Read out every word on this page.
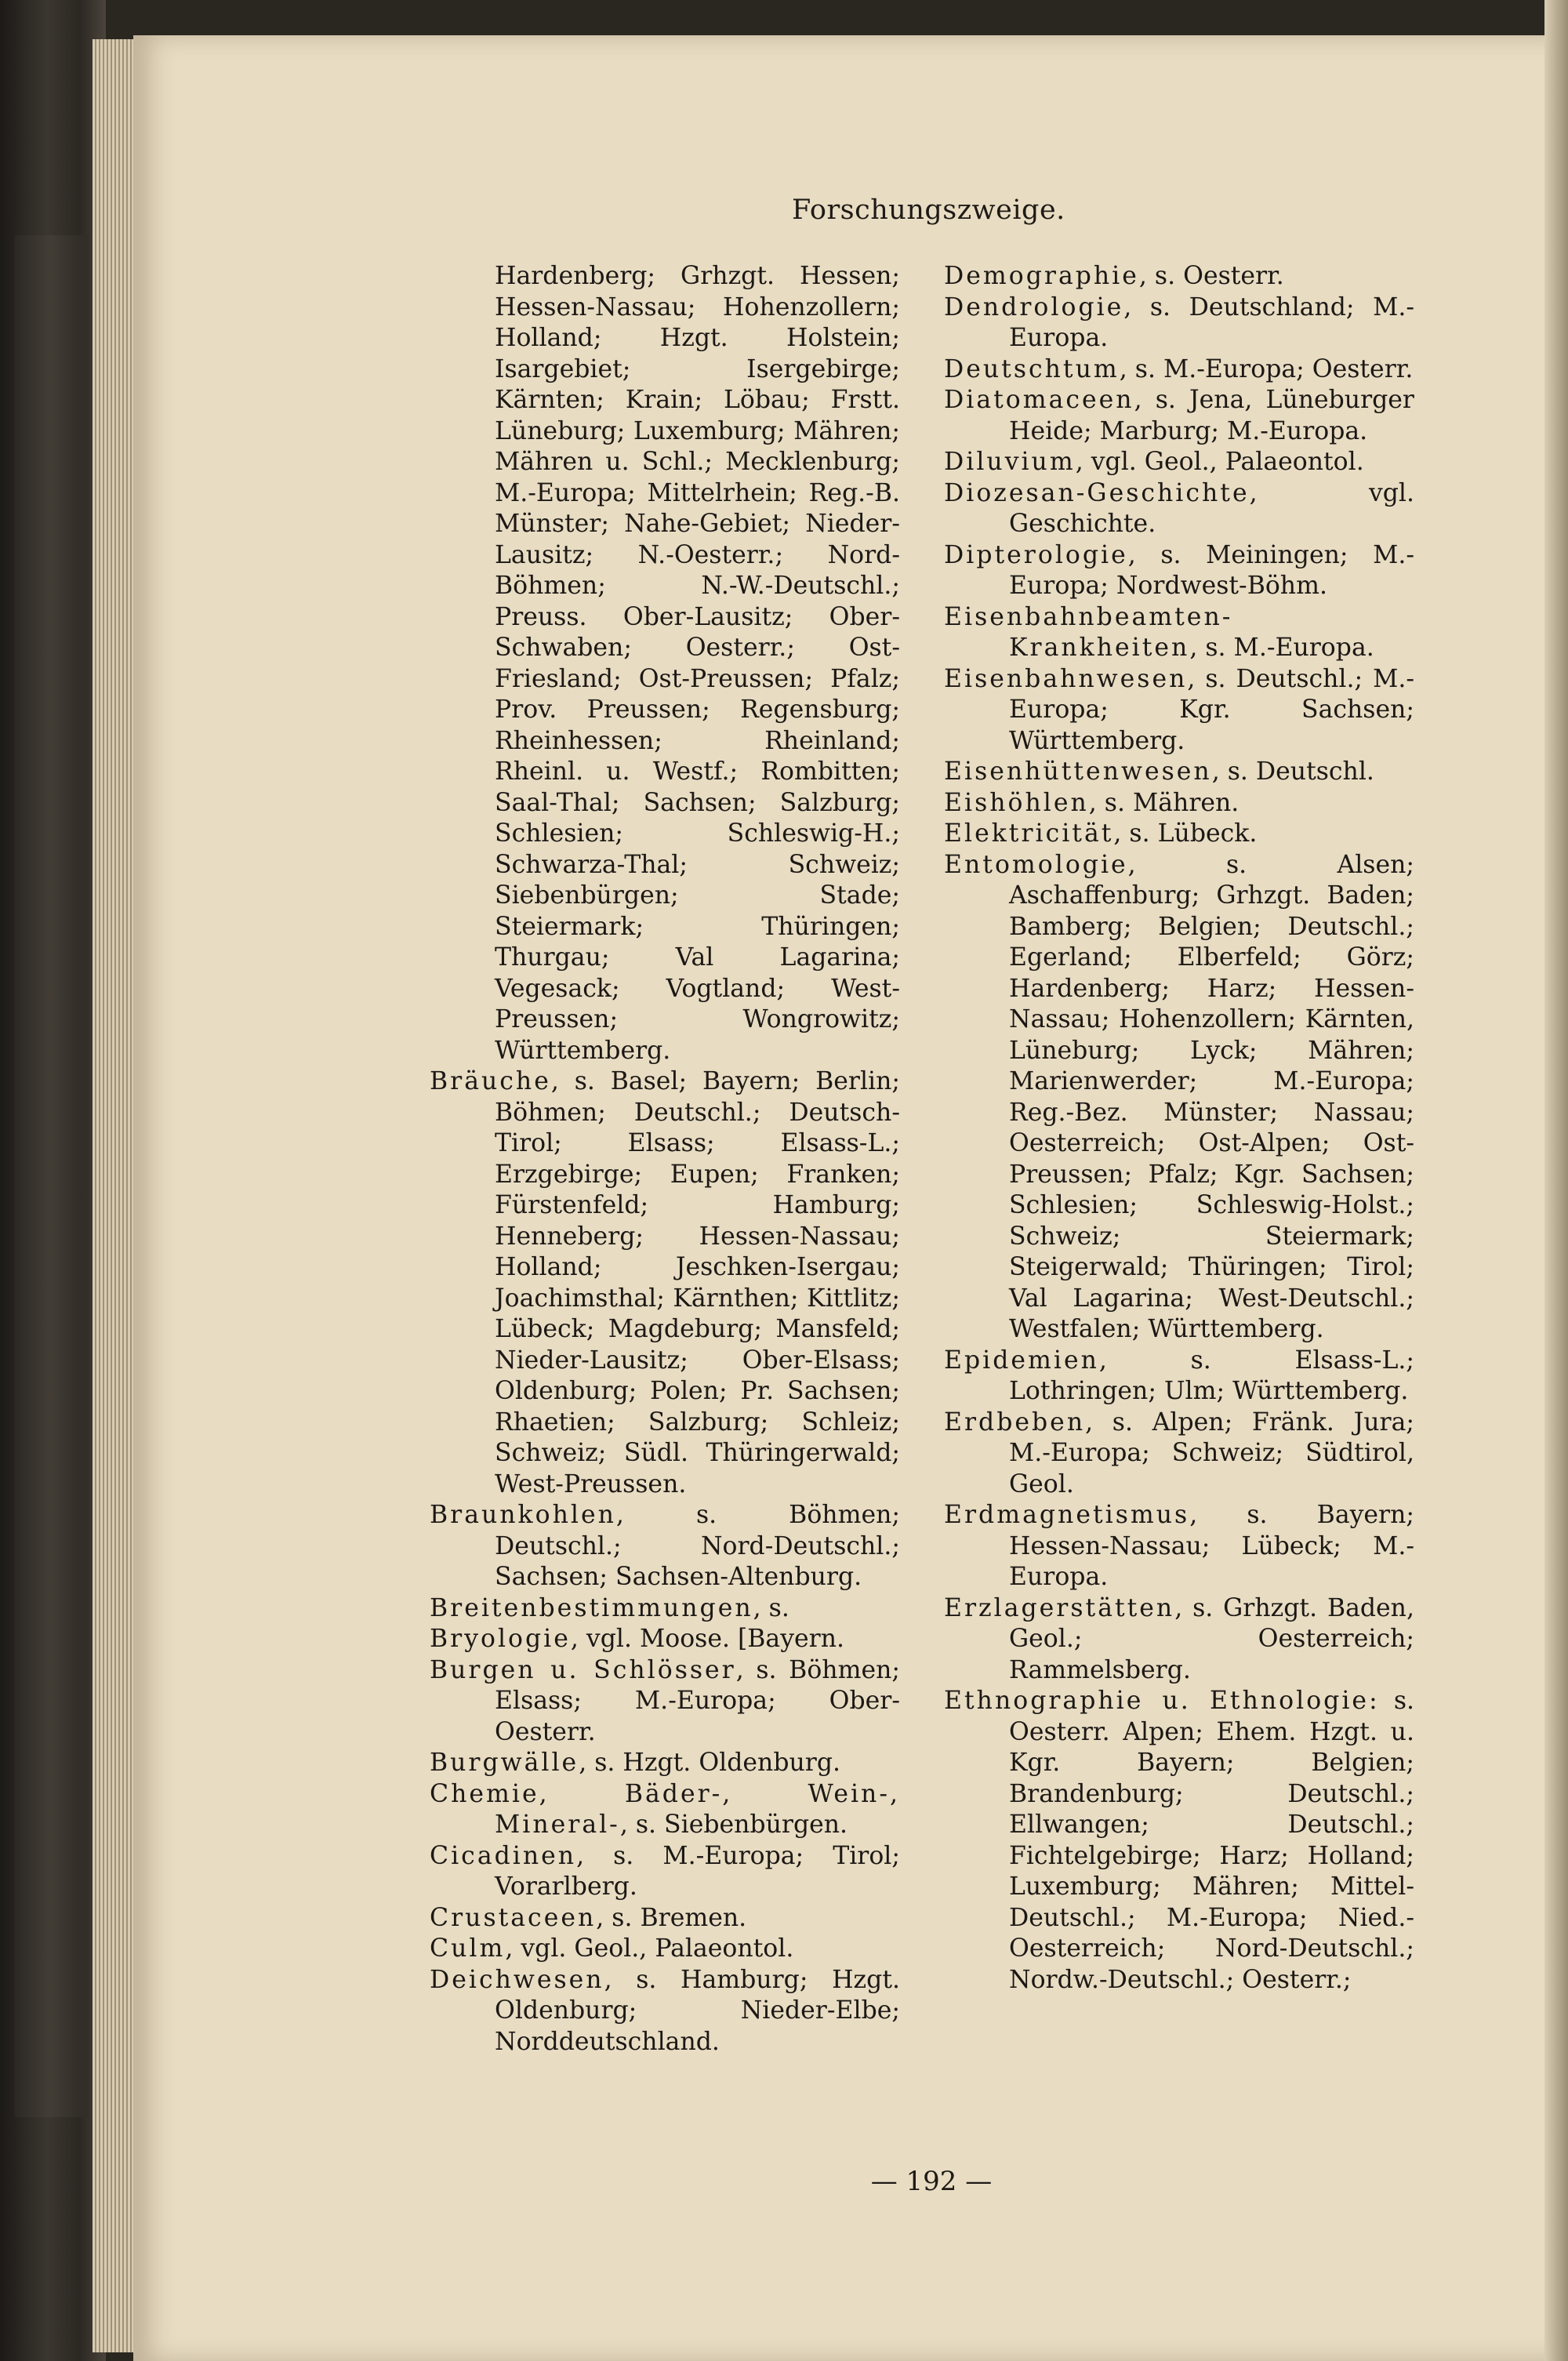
Forschungszweige.

Hardenberg; Grhzgt. Hessen; Hessen-Nassau; Hohenzollern; Holland; Hzgt. Holstein; Isargebiet; Isergebirge; Kärnten; Krain; Löbau; Frstt. Lüneburg; Luxemburg; Mähren; Mähren u. Schl.; Mecklenburg; M.-Europa; Mittelrhein; Reg.-B. Münster; Nahe-Gebiet; Nieder-Lausitz; N.-Oesterr.; Nord-Böhmen; N.-W.-Deutschl.; Preuss. Ober-Lausitz; Ober-Schwaben; Oesterr.; Ost-Friesland; Ost-Preussen; Pfalz; Prov. Preussen; Regensburg; Rheinhessen; Rheinland; Rheinl. u. Westf.; Rombitten; Saal-Thal; Sachsen; Salzburg; Schlesien; Schleswig-H.; Schwarza-Thal; Schweiz; Siebenbürgen; Stade; Steiermark; Thüringen; Thurgau; Val Lagarina; Vegesack; Vogtland; West-Preussen; Wongrowitz; Württemberg.

Bräuche, s. Basel; Bayern; Berlin; Böhmen; Deutschl.; Deutsch-Tirol; Elsass; Elsass-L.; Erzgebirge; Eupen; Franken; Fürstenfeld; Hamburg; Henneberg; Hessen-Nassau; Holland; Jeschken-Isergau; Joachimsthal; Kärnthen; Kittlitz; Lübeck; Magdeburg; Mansfeld; Nieder-Lausitz; Ober-Elsass; Oldenburg; Polen; Pr. Sachsen; Rhaetien; Salzburg; Schleiz; Schweiz; Südl. Thüringerwald; West-Preussen.

Braunkohlen, s. Böhmen; Deutschl.; Nord-Deutschl.; Sachsen; Sachsen-Altenburg.

Breitenbestimmungen, s.

Bryologie, vgl. Moose. [Bayern.

Burgen u. Schlösser, s. Böhmen; Elsass; M.-Europa; Ober-Oesterr.

Burgwälle, s. Hzgt. Oldenburg.

Chemie, Bäder-, Wein-, Mineral-, s. Siebenbürgen.

Cicadinen, s. M.-Europa; Tirol; Vorarlberg.

Crustaceen, s. Bremen.

Culm, vgl. Geol., Palaeontol.

Deichwesen, s. Hamburg; Hzgt. Oldenburg; Nieder-Elbe; Norddeutschland.

Demographie, s. Oesterr.

Dendrologie, s. Deutschland; M.-Europa.

Deutschtum, s. M.-Europa; Oesterr.

Diatomaceen, s. Jena, Lüneburger Heide; Marburg; M.-Europa.

Diluvium, vgl. Geol., Palaeontol.

Diozesan-Geschichte, vgl. Geschichte.

Dipterologie, s. Meiningen; M.-Europa; Nordwest-Böhm.

Eisenbahnbeamten-Krankheiten, s. M.-Europa.

Eisenbahnwesen, s. Deutschl.; M.-Europa; Kgr. Sachsen; Württemberg.

Eisenhüttenwesen, s. Deutschl.

Eishöhlen, s. Mähren.

Elektricität, s. Lübeck.

Entomologie, s. Alsen; Aschaffenburg; Grhzgt. Baden; Bamberg; Belgien; Deutschl.; Egerland; Elberfeld; Görz; Hardenberg; Harz; Hessen-Nassau; Hohenzollern; Kärnten, Lüneburg; Lyck; Mähren; Marienwerder; M.-Europa; Reg.-Bez. Münster; Nassau; Oesterreich; Ost-Alpen; Ost-Preussen; Pfalz; Kgr. Sachsen; Schlesien; Schleswig-Holst.; Schweiz; Steiermark; Steigerwald; Thüringen; Tirol; Val Lagarina; West-Deutschl.; Westfalen; Württemberg.

Epidemien, s. Elsass-L.; Lothringen; Ulm; Württemberg.

Erdbeben, s. Alpen; Fränk. Jura; M.-Europa; Schweiz; Südtirol, Geol.

Erdmagnetismus, s. Bayern; Hessen-Nassau; Lübeck; M.-Europa.

Erzlagerstätten, s. Grhzgt. Baden, Geol.; Oesterreich; Rammelsberg.

Ethnographie u. Ethnologie: s. Oesterr. Alpen; Ehem. Hzgt. u. Kgr. Bayern; Belgien; Brandenburg; Deutschl.; Ellwangen; Deutschl.; Fichtelgebirge; Harz; Holland; Luxemburg; Mähren; Mittel-Deutschl.; M.-Europa; Nied.-Oesterreich; Nord-Deutschl.; Nordw.-Deutschl.; Oesterr.;

— 192 —
